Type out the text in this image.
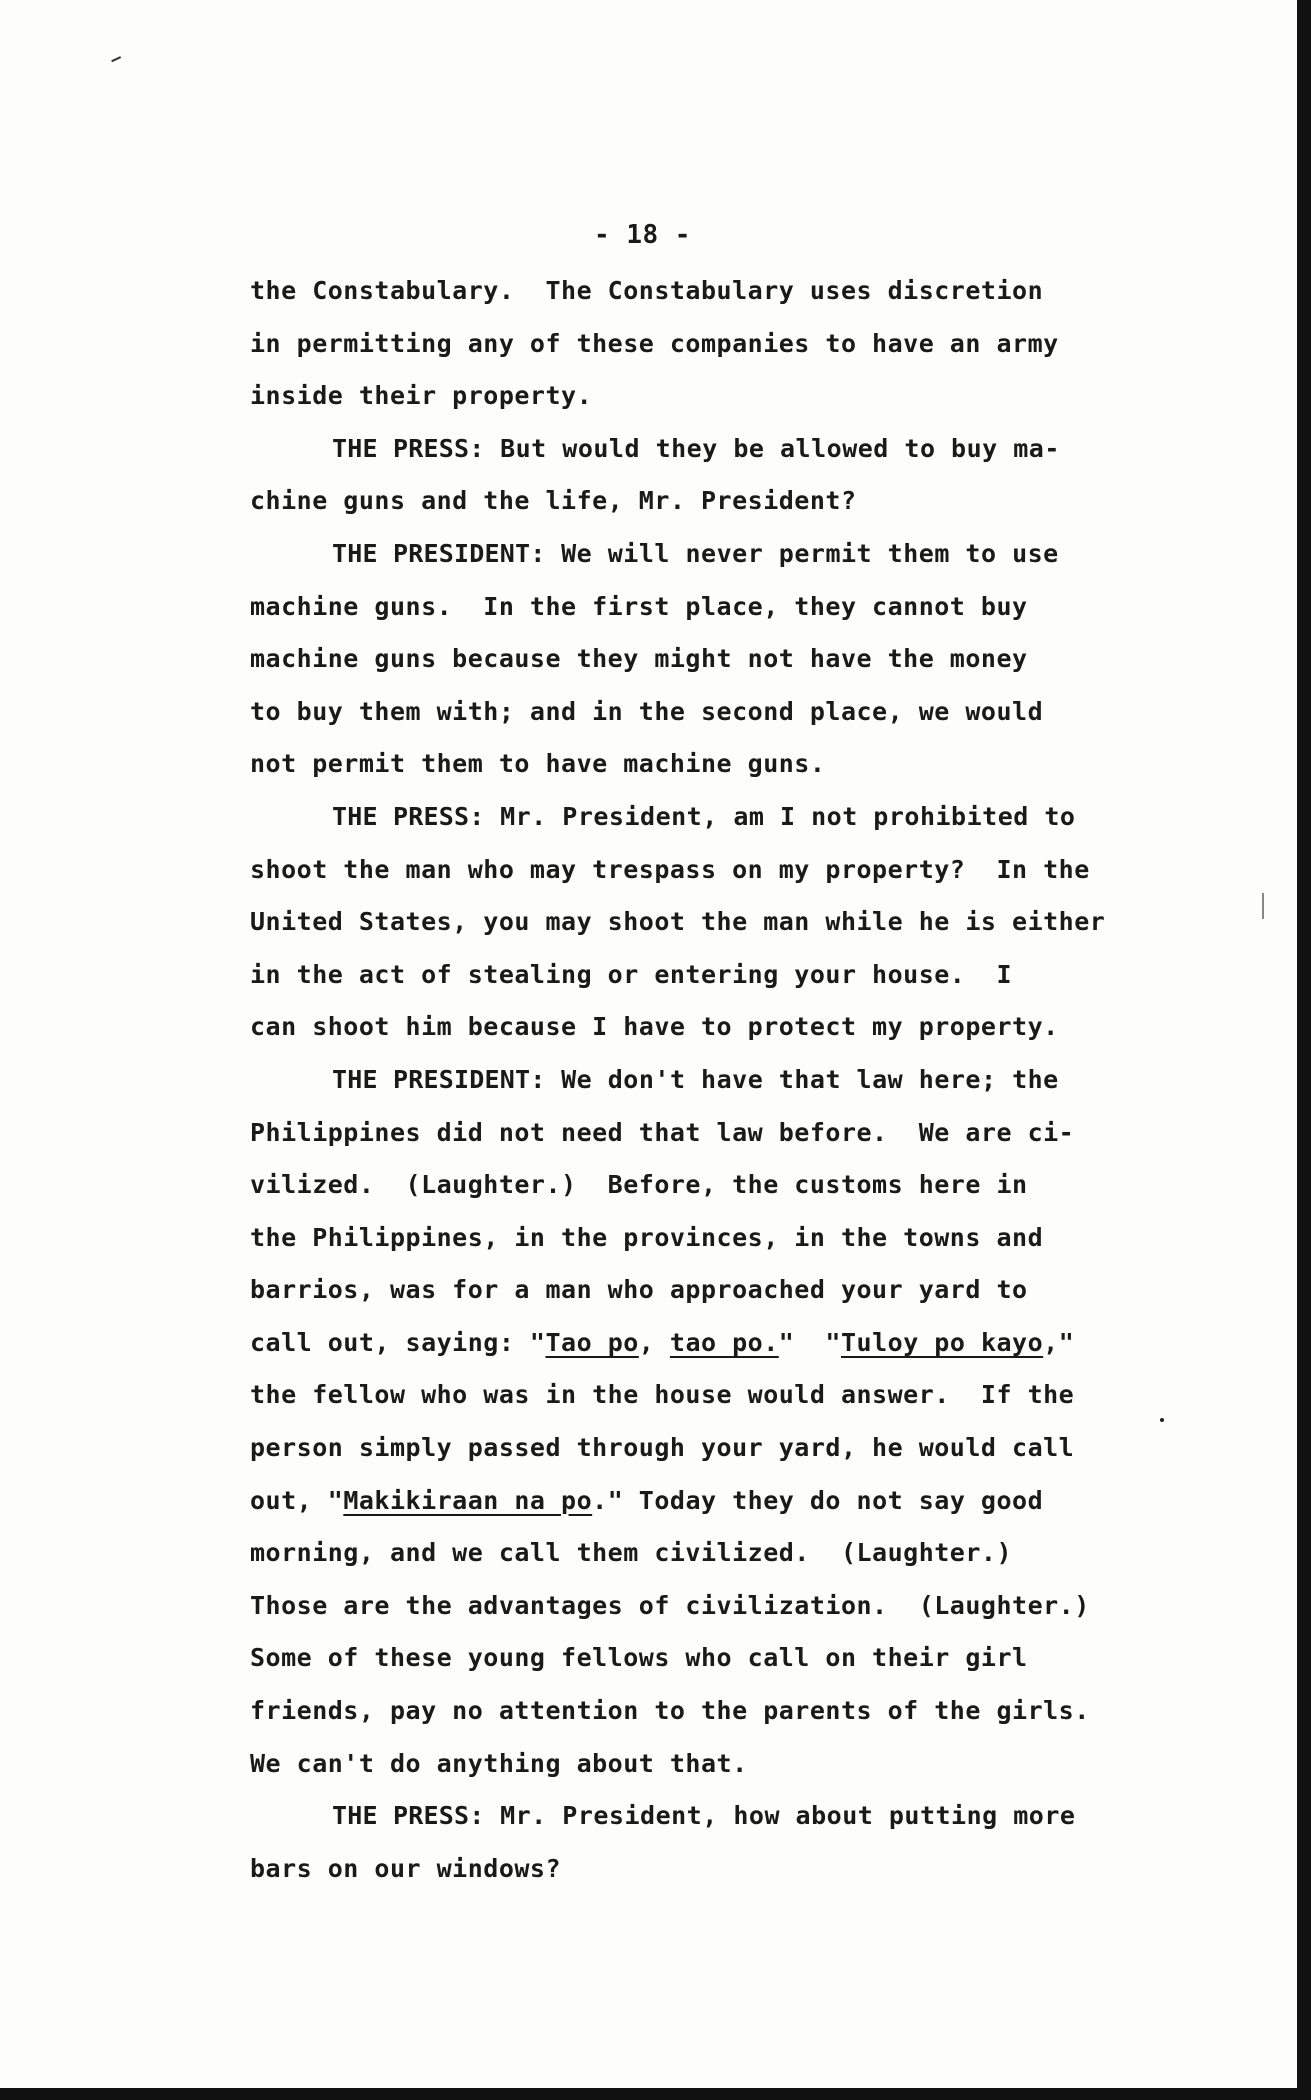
- 18 -
the Constabulary.  The Constabulary uses discretion
in permitting any of these companies to have an army
inside their property.
THE PRESS: But would they be allowed to buy ma-
chine guns and the life, Mr. President?
THE PRESIDENT: We will never permit them to use
machine guns.  In the first place, they cannot buy
machine guns because they might not have the money
to buy them with; and in the second place, we would
not permit them to have machine guns.
THE PRESS: Mr. President, am I not prohibited to
shoot the man who may trespass on my property?  In the
United States, you may shoot the man while he is either
in the act of stealing or entering your house.  I
can shoot him because I have to protect my property.
THE PRESIDENT: We don't have that law here; the
Philippines did not need that law before.  We are ci-
vilized.  (Laughter.)  Before, the customs here in
the Philippines, in the provinces, in the towns and
barrios, was for a man who approached your yard to
call out, saying: "Tao po, tao po."  "Tuloy po kayo,"
the fellow who was in the house would answer.  If the
person simply passed through your yard, he would call
out, "Makikiraan na po." Today they do not say good
morning, and we call them civilized.  (Laughter.)
Those are the advantages of civilization.  (Laughter.)
Some of these young fellows who call on their girl
friends, pay no attention to the parents of the girls.
We can't do anything about that.
THE PRESS: Mr. President, how about putting more
bars on our windows?
